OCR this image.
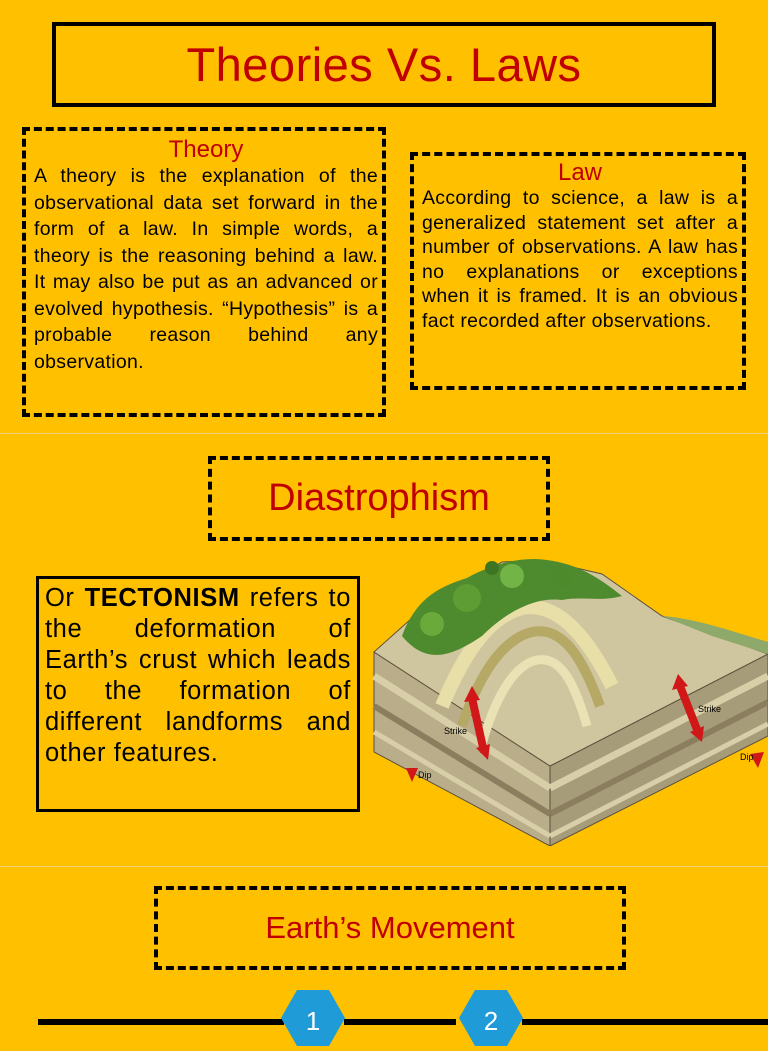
Theories Vs. Laws
Theory
A theory is the explanation of the observational data set forward in the form of a law. In simple words, a theory is the reasoning behind a law. It may also be put as an advanced or evolved hypothesis. “Hypothesis” is a probable reason behind any observation.
Law
According to science, a law is a generalized statement set after a number of observations. A law has no explanations or exceptions when it is framed. It is an obvious fact recorded after observations.
Diastrophism
Or TECTONISM refers to the deformation of Earth’s crust which leads to the formation of different landforms and other features.
Strike
Strike
Dip
Dip
Earth’s Movement
1	2
